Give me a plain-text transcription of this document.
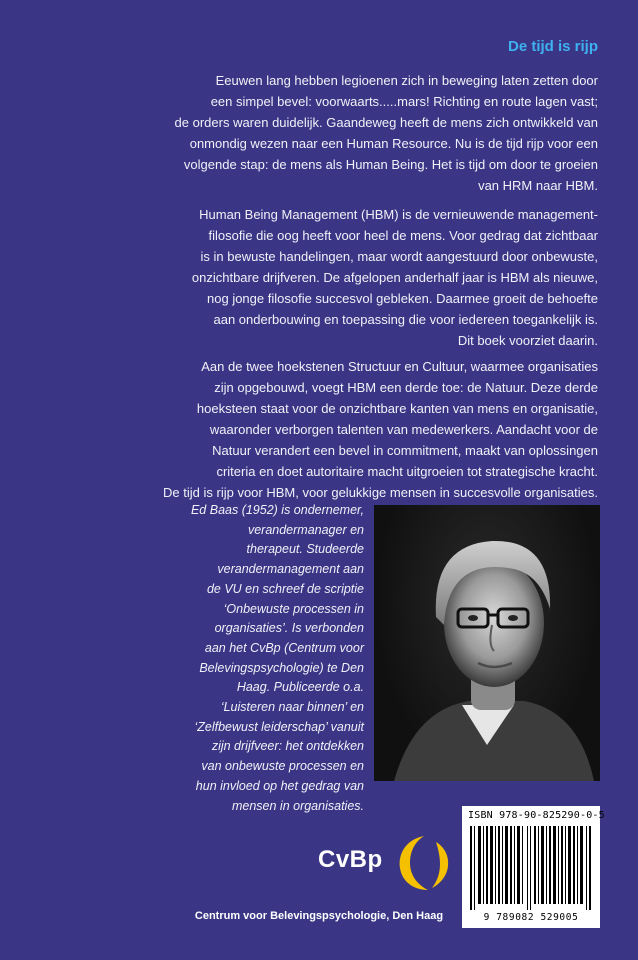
De tijd is rijp
Eeuwen lang hebben legioenen zich in beweging laten zetten door
een simpel bevel: voorwaarts.....mars! Richting en route lagen vast;
de orders waren duidelijk. Gaandeweg heeft de mens zich ontwikkeld van
onmondig wezen naar een Human Resource. Nu is de tijd rijp voor een
volgende stap: de mens als Human Being. Het is tijd om door te groeien
van HRM naar HBM.
Human Being Management (HBM) is de vernieuwende management-
filosofie die oog heeft voor heel de mens. Voor gedrag dat zichtbaar
is in bewuste handelingen, maar wordt aangestuurd door onbewuste,
onzichtbare drijfveren. De afgelopen anderhalf jaar is HBM als nieuwe,
nog jonge filosofie succesvol gebleken. Daarmee groeit de behoefte
aan onderbouwing en toepassing die voor iedereen toegankelijk is.
Dit boek voorziet daarin.
Aan de twee hoekstenen Structuur en Cultuur, waarmee organisaties
zijn opgebouwd, voegt HBM een derde toe: de Natuur. Deze derde
hoeksteen staat voor de onzichtbare kanten van mens en organisatie,
waaronder verborgen talenten van medewerkers. Aandacht voor de
Natuur verandert een bevel in commitment, maakt van oplossingen
criteria en doet autoritaire macht uitgroeien tot strategische kracht.
De tijd is rijp voor HBM, voor gelukkige mensen in succesvolle organisaties.
Ed Baas (1952) is ondernemer,
verandermanager en
therapeut. Studeerde
verandermanagement aan
de VU en schreef de scriptie
‘Onbewuste processen in
organisaties’. Is verbonden
aan het CvBp (Centrum voor
Belevingspsychologie) te Den
Haag. Publiceerde o.a.
‘Luisteren naar binnen’ en
‘Zelfbewust leiderschap’ vanuit
zijn drijfveer: het ontdekken
van onbewuste processen en
hun invloed op het gedrag van
mensen in organisaties.
ISBN 978-90-825290-0-5
9 789082 529005
CvBp
Centrum voor Belevingspsychologie, Den Haag
